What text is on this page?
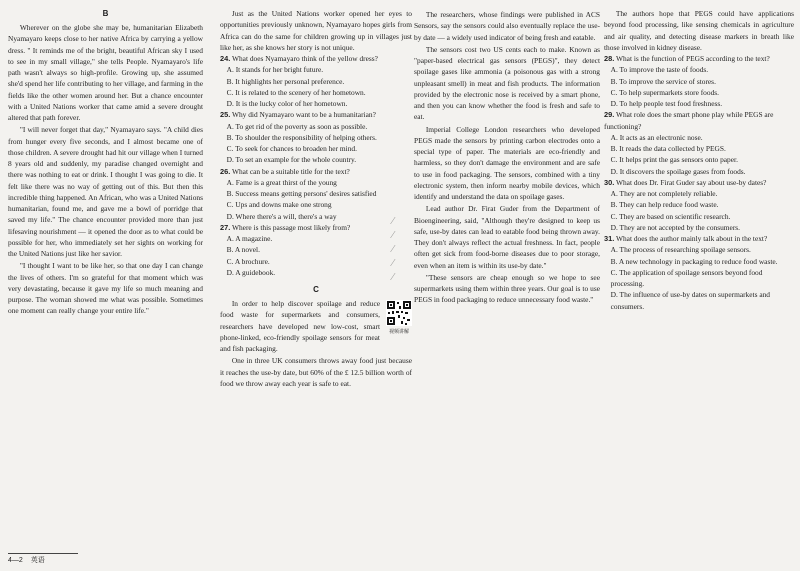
B

Wherever on the globe she may be, humanitarian Elizabeth Nyamayaro keeps close to her native Africa by carrying a yellow dress. " It reminds me of the bright, beautiful African sky I used to see in my small village," she tells People. Nyamayaro's life path wasn't always so high-profile. Growing up, she assumed she'd spend her life contributing to her village, and farming in the fields like the other women around her. But a chance encounter with a United Nations worker that came amid a severe drought altered that path forever.

"I will never forget that day," Nyamayaro says. "A child dies from hunger every five seconds, and I almost became one of those children. A severe drought had hit our village when I turned 8 years old and suddenly, my paradise changed overnight and there was nothing to eat or drink. I thought I was going to die. It felt like there was no way of getting out of this. But then this incredible thing happened. An African, who was a United Nations humanitarian, found me, and gave me a bowl of porridge that saved my life." The chance encounter provided more than just lifesaving nourishment — it opened the door as to what could be possible for her, who immediately set her sights on working for the United Nations just like her savior.

"I thought I want to be like her, so that one day I can change the lives of others. I'm so grateful for that moment which was very devastating, because it gave my life so much meaning and purpose. The woman showed me what was possible. Sometimes one moment can really change your entire life."

Just as the United Nations worker opened her eyes to opportunities previously unknown, Nyamayaro hopes girls from Africa can do the same for children growing up in villages just like her, as she knows her story is not unique.

24. What does Nyamayaro think of the yellow dress?

A. It stands for her bright future.

B. It highlights her personal preference.

C. It is related to the scenery of her hometown.

D. It is the lucky color of her hometown.

25. Why did Nyamayaro want to be a humanitarian?

A. To get rid of the poverty as soon as possible.

B. To shoulder the responsibility of helping others.

C. To seek for chances to broaden her mind.

D. To set an example for the whole country.

26. What can be a suitable title for the text?

A. Fame is a great thirst of the young

B. Success means getting persons' desires satisfied

C. Ups and downs make one strong

D. Where there's a will, there's a way

27. Where is this passage most likely from?

A. A magazine.

B. A novel.

C. A brochure.

D. A guidebook.

C

In order to help discover spoilage and reduce food waste for supermarkets and consumers, researchers have developed new low-cost, smart phone-linked, eco-friendly spoilage sensors for meat and fish packaging.

视频讲解

One in three UK consumers throws away food just because it reaches the use-by date, but 60% of the £ 12.5 billion worth of food we throw away each year is safe to eat.

⁄
⁄
⁄
⁄
⁄

The researchers, whose findings were published in ACS Sensors, say the sensors could also eventually replace the use-by date — a widely used indicator of being fresh and eatable.

The sensors cost two US cents each to make. Known as "paper-based electrical gas sensors (PEGS)", they detect spoilage gases like ammonia (a poisonous gas with a strong unpleasant smell) in meat and fish products. The information provided by the electronic nose is received by a smart phone, and then you can know whether the food is fresh and safe to eat.

Imperial College London researchers who developed PEGS made the sensors by printing carbon electrodes onto a special type of paper. The materials are eco-friendly and harmless, so they don't damage the environment and are safe to use in food packaging. The sensors, combined with a tiny electronic system, then inform nearby mobile devices, which identify and understand the data on spoilage gases.

Lead author Dr. Firat Guder from the Department of Bioengineering, said, "Although they're designed to keep us safe, use-by dates can lead to eatable food being thrown away. They don't always reflect the actual freshness. In fact, people often get sick from food-borne diseases due to poor storage, even when an item is within its use-by date."

"These sensors are cheap enough so we hope to see supermarkets using them within three years. Our goal is to use PEGS in food packaging to reduce unnecessary food waste."

The authors hope that PEGS could have applications beyond food processing, like sensing chemicals in agriculture and air quality, and detecting disease markers in breath like those involved in kidney disease.

28. What is the function of PEGS according to the text?

A. To improve the taste of foods.

B. To improve the service of stores.

C. To help supermarkets store foods.

D. To help people test food freshness.

29. What role does the smart phone play while PEGS are functioning?

A. It acts as an electronic nose.

B. It reads the data collected by PEGS.

C. It helps print the gas sensors onto paper.

D. It discovers the spoilage gases from foods.

30. What does Dr. Firat Guder say about use-by dates?

A. They are not completely reliable.

B. They can help reduce food waste.

C. They are based on scientific research.

D. They are not accepted by the consumers.

31. What does the author mainly talk about in the text?

A. The process of researching spoilage sensors.

B. A new technology in packaging to reduce food waste.

C. The application of spoilage sensors beyond food processing.

D. The influence of use-by dates on supermarkets and consumers.

4—2 英语
